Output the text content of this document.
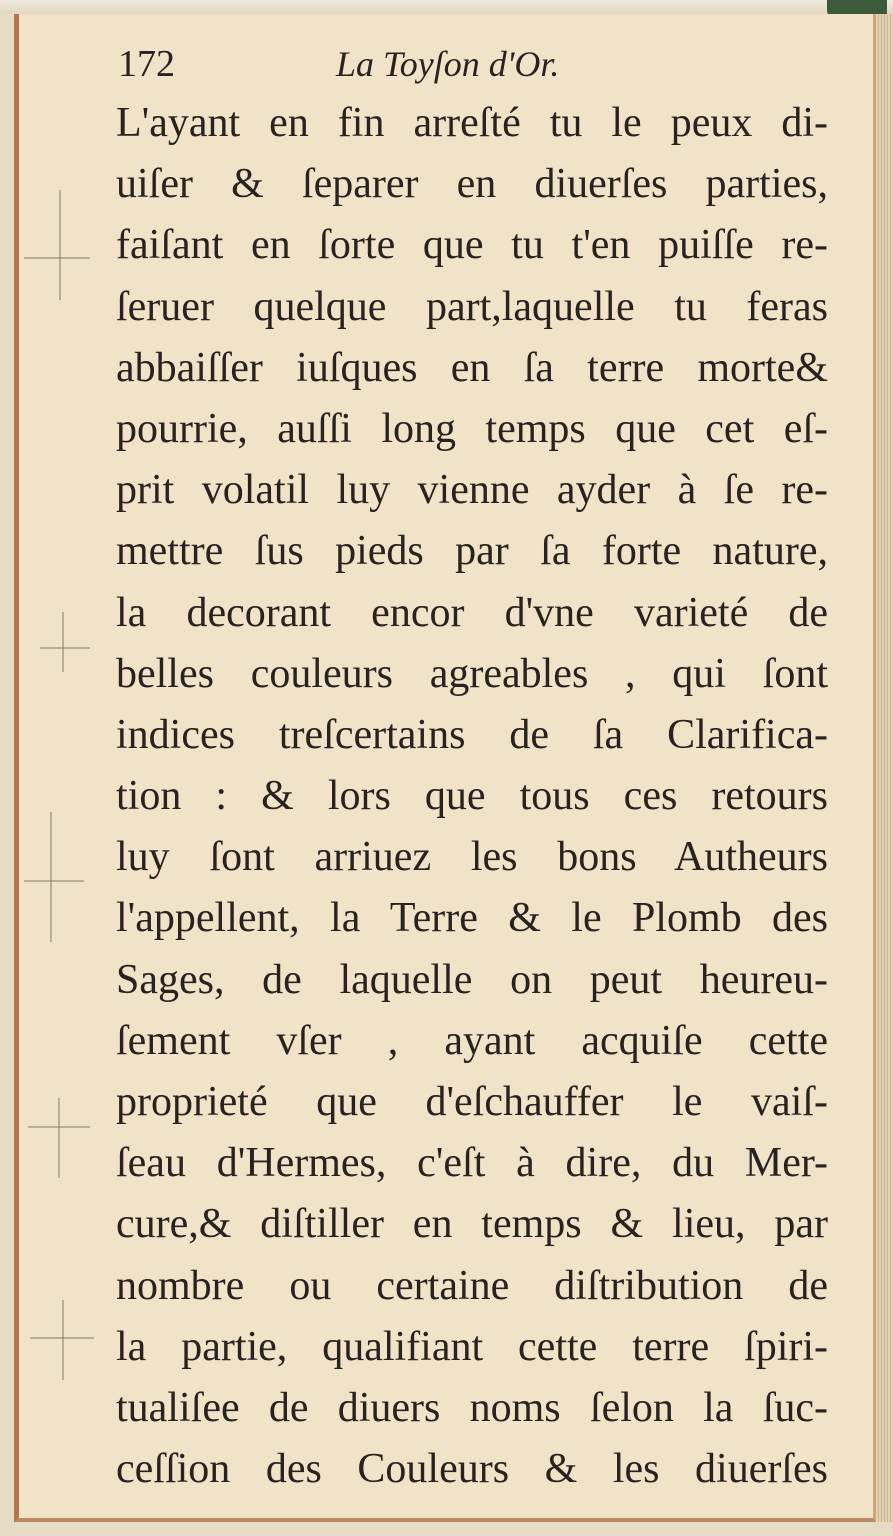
172	La Toyſon d'Or.
L'ayant en fin arreſté tu le peux di-
uiſer & ſeparer en diuerſes parties,
faiſant en ſorte que tu t'en puiſſe re-
ſeruer quelque part,laquelle tu feras
abbaiſſer iuſques en ſa terre morte&
pourrie, auſſi long temps que cet eſ-
prit volatil luy vienne ayder à ſe re-
mettre ſus pieds par ſa forte nature,
la decorant encor d'vne varieté de
belles couleurs agreables , qui ſont
indices treſcertains de ſa Clarifica-
tion : & lors que tous ces retours
luy ſont arriuez les bons Autheurs
l'appellent, la Terre & le Plomb des
Sages, de laquelle on peut heureu-
ſement vſer , ayant acquiſe cette
proprieté que d'eſchauffer le vaiſ-
ſeau d'Hermes, c'eſt à dire, du Mer-
cure,& diſtiller en temps & lieu, par
nombre ou certaine diſtribution de
la partie, qualifiant cette terre ſpiri-
tualiſee de diuers noms ſelon la ſuc-
ceſſion des Couleurs & les diuerſes
